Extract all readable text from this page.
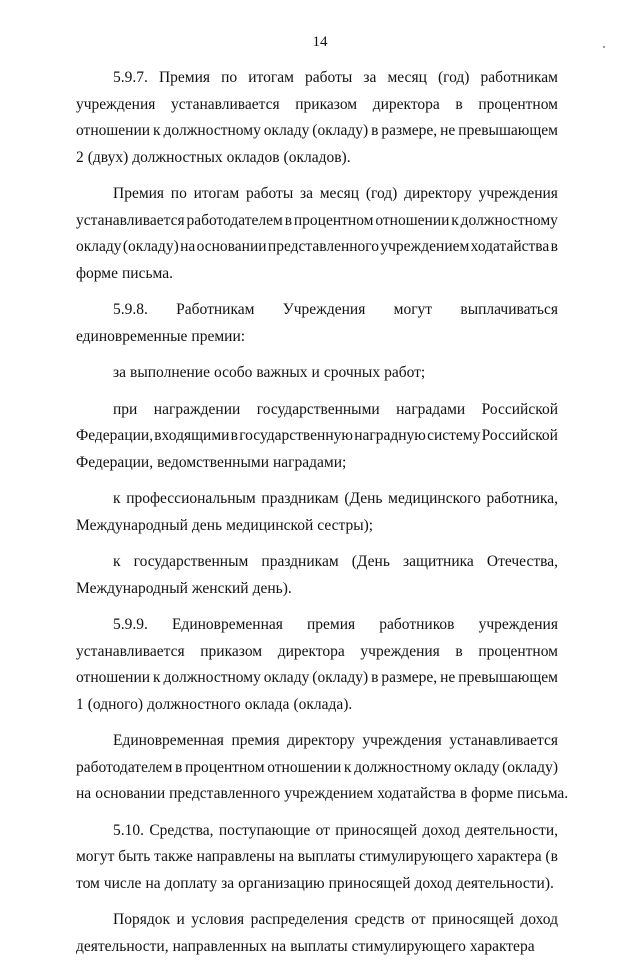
14
5.9.7. Премия по итогам работы за месяц (год) работникам
учреждения устанавливается приказом директора в процентном
отношении к должностному окладу (окладу) в размере, не превышающем
2 (двух) должностных окладов (окладов).
Премия по итогам работы за месяц (год) директору учреждения
устанавливается работодателем в процентном отношении к должностному
окладу (окладу) на основании представленного учреждением ходатайства в
форме письма.
5.9.8. Работникам Учреждения могут выплачиваться
единовременные премии:
за выполнение особо важных и срочных работ;
при награждении государственными наградами Российской
Федерации, входящими в государственную наградную систему Российской
Федерации, ведомственными наградами;
к профессиональным праздникам (День медицинского работника,
Международный день медицинской сестры);
к государственным праздникам (День защитника Отечества,
Международный женский день).
5.9.9. Единовременная премия работников учреждения
устанавливается приказом директора учреждения в процентном
отношении к должностному окладу (окладу) в размере, не превышающем
1 (одного) должностного оклада (оклада).
Единовременная премия директору учреждения устанавливается
работодателем в процентном отношении к должностному окладу (окладу)
на основании представленного учреждением ходатайства в форме письма.
5.10. Средства, поступающие от приносящей доход деятельности,
могут быть также направлены на выплаты стимулирующего характера (в
том числе на доплату за организацию приносящей доход деятельности).
Порядок и условия распределения средств от приносящей доход
деятельности, направленных на выплаты стимулирующего характера
